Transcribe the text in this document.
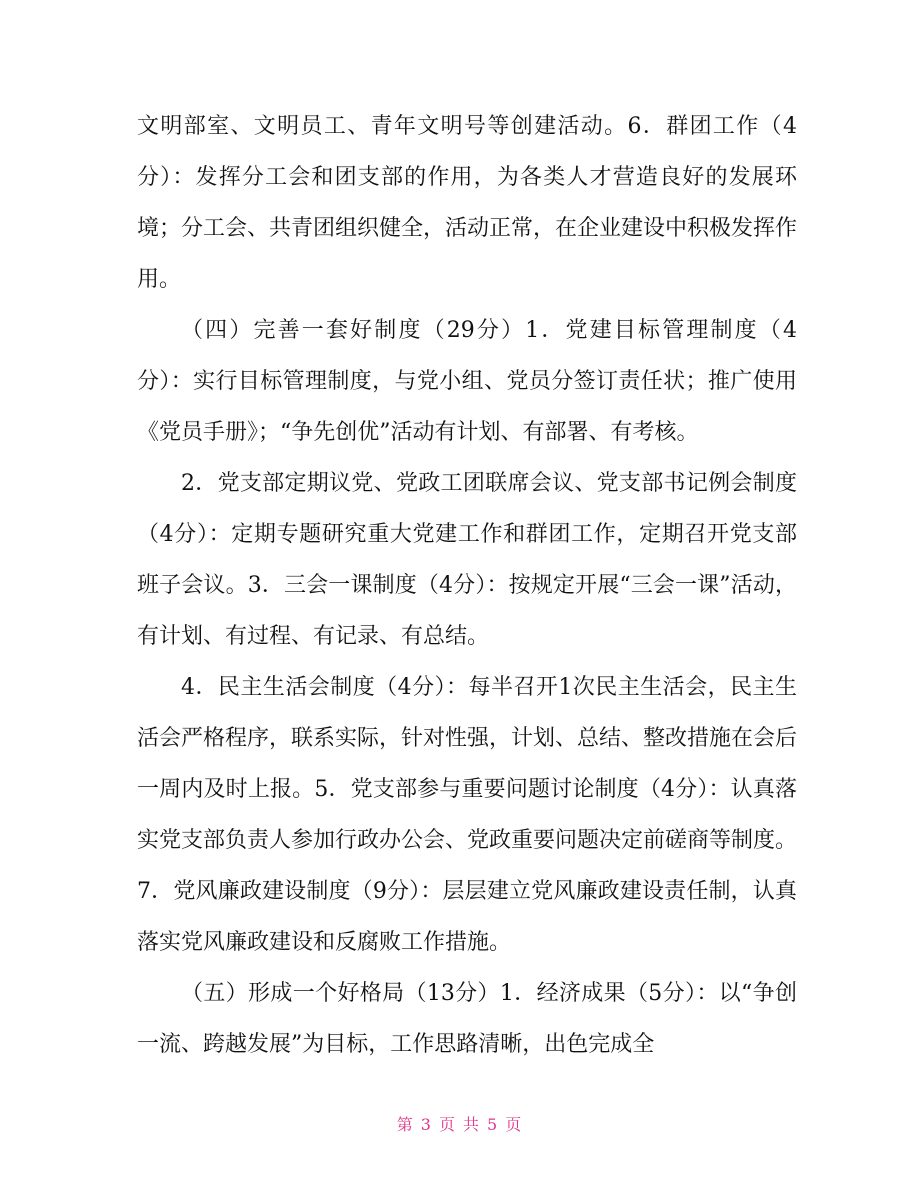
文明部室、文明员工、青年文明号等创建活动。6．群团工作（4分）：发挥分工会和团支部的作用，为各类人才营造良好的发展环境；分工会、共青团组织健全，活动正常，在企业建设中积极发挥作用。

（四）完善一套好制度（29分）1．党建目标管理制度（4分）：实行目标管理制度，与党小组、党员分签订责任状；推广使用《党员手册》；“争先创优”活动有计划、有部署、有考核。

2．党支部定期议党、党政工团联席会议、党支部书记例会制度（4分）：定期专题研究重大党建工作和群团工作，定期召开党支部班子会议。3．三会一课制度（4分）：按规定开展“三会一课”活动，有计划、有过程、有记录、有总结。

4．民主生活会制度（4分）：每半召开1次民主生活会，民主生活会严格程序，联系实际，针对性强，计划、总结、整改措施在会后一周内及时上报。5．党支部参与重要问题讨论制度（4分）：认真落实党支部负责人参加行政办公会、党政重要问题决定前磋商等制度。7．党风廉政建设制度（9分）：层层建立党风廉政建设责任制，认真落实党风廉政建设和反腐败工作措施。

（五）形成一个好格局（13分）1．经济成果（5分）：以“争创一流、跨越发展”为目标，工作思路清晰，出色完成全

第 3 页 共 5 页
